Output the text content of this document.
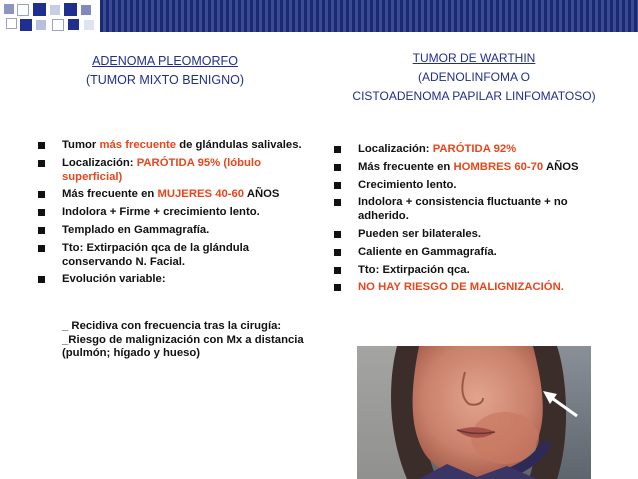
ADENOMA PLEOMORFO
(TUMOR MIXTO BENIGNO)
TUMOR DE WARTHIN
(ADENOLINFOMA O
CISTOADENOMA PAPILAR LINFOMATOSO)
Tumor más frecuente de glándulas salivales.
Localización: PARÓTIDA 95% (lóbulo superficial)
Más frecuente en MUJERES 40-60 AÑOS
Indolora + Firme + crecimiento lento.
Templado en Gammagrafía.
Tto: Extirpación qca de la glándula conservando N. Facial.
Evolución variable:
_ Recidiva con frecuencia tras la cirugía:
_Riesgo de malignización con Mx a distancia (pulmón; hígado y hueso)
Localización: PARÓTIDA 92%
Más frecuente en HOMBRES 60-70 AÑOS
Crecimiento lento.
Indolora + consistencia fluctuante + no adherido.
Pueden ser bilaterales.
Caliente en Gammagrafía.
Tto: Extirpación qca.
NO HAY RIESGO DE MALIGNIZACIÓN.
